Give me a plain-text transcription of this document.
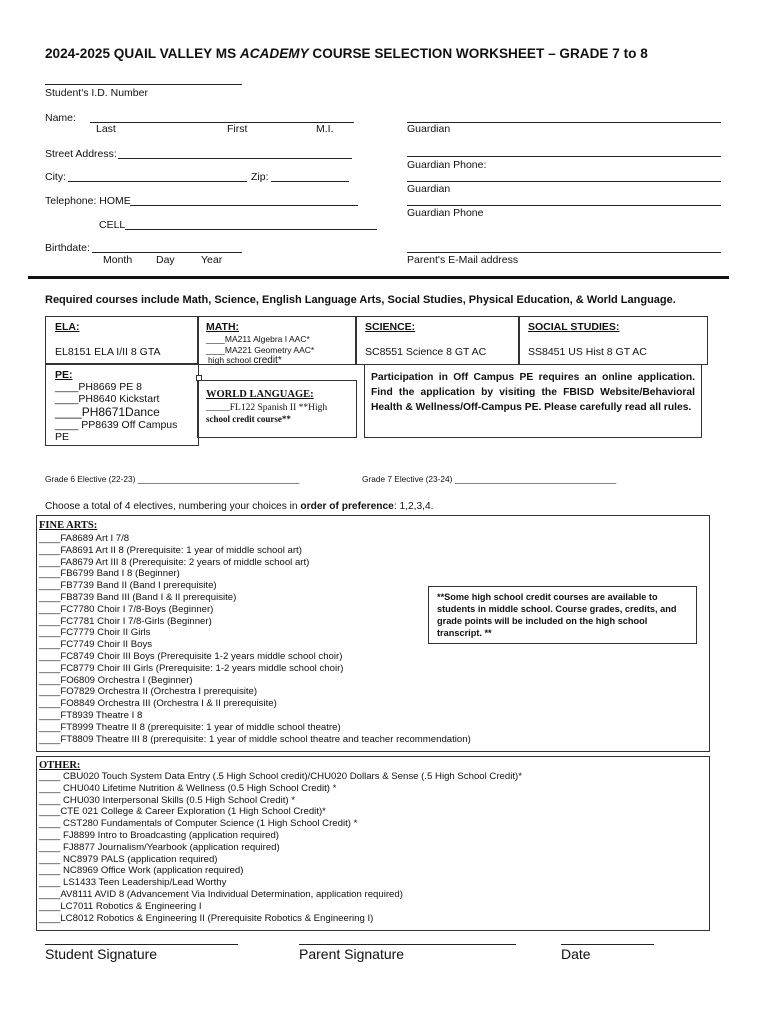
2024-2025 QUAIL VALLEY MS ACADEMY COURSE SELECTION WORKSHEET – GRADE 7 to 8
Student's I.D. Number
Name:
Last	First	M.I.
Street Address:
City:	Zip:
Telephone: HOME
CELL
Birthdate:
Month Day	Year
Guardian
Guardian Phone:
Guardian
Guardian Phone
Parent's E-Mail address
Required courses include Math, Science, English Language Arts, Social Studies, Physical Education, & World Language.
ELA:
EL8151 ELA I/II 8 GTA
MATH:
____MA211 Algebra I AAC*
____MA221 Geometry AAC*
high school credit*
SCIENCE:
SC8551 Science 8 GT AC
SOCIAL STUDIES:
SS8451 US Hist 8 GT AC
PE:
____PH8669 PE 8
____PH8640 Kickstart
____PH8671Dance
____ PP8639 Off Campus
PE
WORLD LANGUAGE:
_____FL122 Spanish II **High
school credit course**
Participation in Off Campus PE requires an online application. Find the application by visiting the FBISD Website/Behavioral Health & Wellness/Off-Campus PE. Please carefully read all rules.
Grade 6 Elective (22-23) ___________________________________	Grade 7 Elective (23-24) ___________________________________
Choose a total of 4 electives, numbering your choices in order of preference: 1,2,3,4.
FINE ARTS:
____FA8689 Art I 7/8
____FA8691 Art II 8 (Prerequisite: 1 year of middle school art)
____FA8679 Art III 8 (Prerequisite: 2 years of middle school art)
____FB6799 Band I 8 (Beginner)
____FB7739 Band II (Band I prerequisite)
____FB8739 Band III (Band I & II prerequisite)
____FC7780 Choir I 7/8-Boys (Beginner)
____FC7781 Choir I 7/8-Girls (Beginner)
____FC7779 Choir II Girls
____FC7749 Choir II Boys
____FC8749 Choir III Boys (Prerequisite 1-2 years middle school choir)
____FC8779 Choir III Girls (Prerequisite: 1-2 years middle school choir)
____FO6809 Orchestra I (Beginner)
____FO7829 Orchestra II (Orchestra I prerequisite)
____FO8849 Orchestra III (Orchestra I & II prerequisite)
____FT8939 Theatre I 8
____FT8999 Theatre II 8 (prerequisite: 1 year of middle school theatre)
____FT8809 Theatre III 8 (prerequisite: 1 year of middle school theatre and teacher recommendation)
**Some high school credit courses are available to students in middle school. Course grades, credits, and grade points will be included on the high school transcript. **
OTHER:
____ CBU020 Touch System Data Entry (.5 High School credit)/CHU020 Dollars & Sense (.5 High School Credit)*
____ CHU040 Lifetime Nutrition & Wellness (0.5 High School Credit) *
____ CHU030 Interpersonal Skills (0.5 High School Credit) *
____CTE 021 College & Career Exploration (1 High School Credit)*
____ CST280 Fundamentals of Computer Science (1 High School Credit) *
____ FJ8899 Intro to Broadcasting (application required)
____ FJ8877 Journalism/Yearbook (application required)
____ NC8979 PALS (application required)
____ NC8969 Office Work (application required)
____ LS1433 Teen Leadership/Lead Worthy
____AV8111 AVID 8 (Advancement Via Individual Determination, application required)
____LC7011 Robotics & Engineering I
____LC8012 Robotics & Engineering II (Prerequisite Robotics & Engineering I)
Student Signature	Parent Signature	Date
